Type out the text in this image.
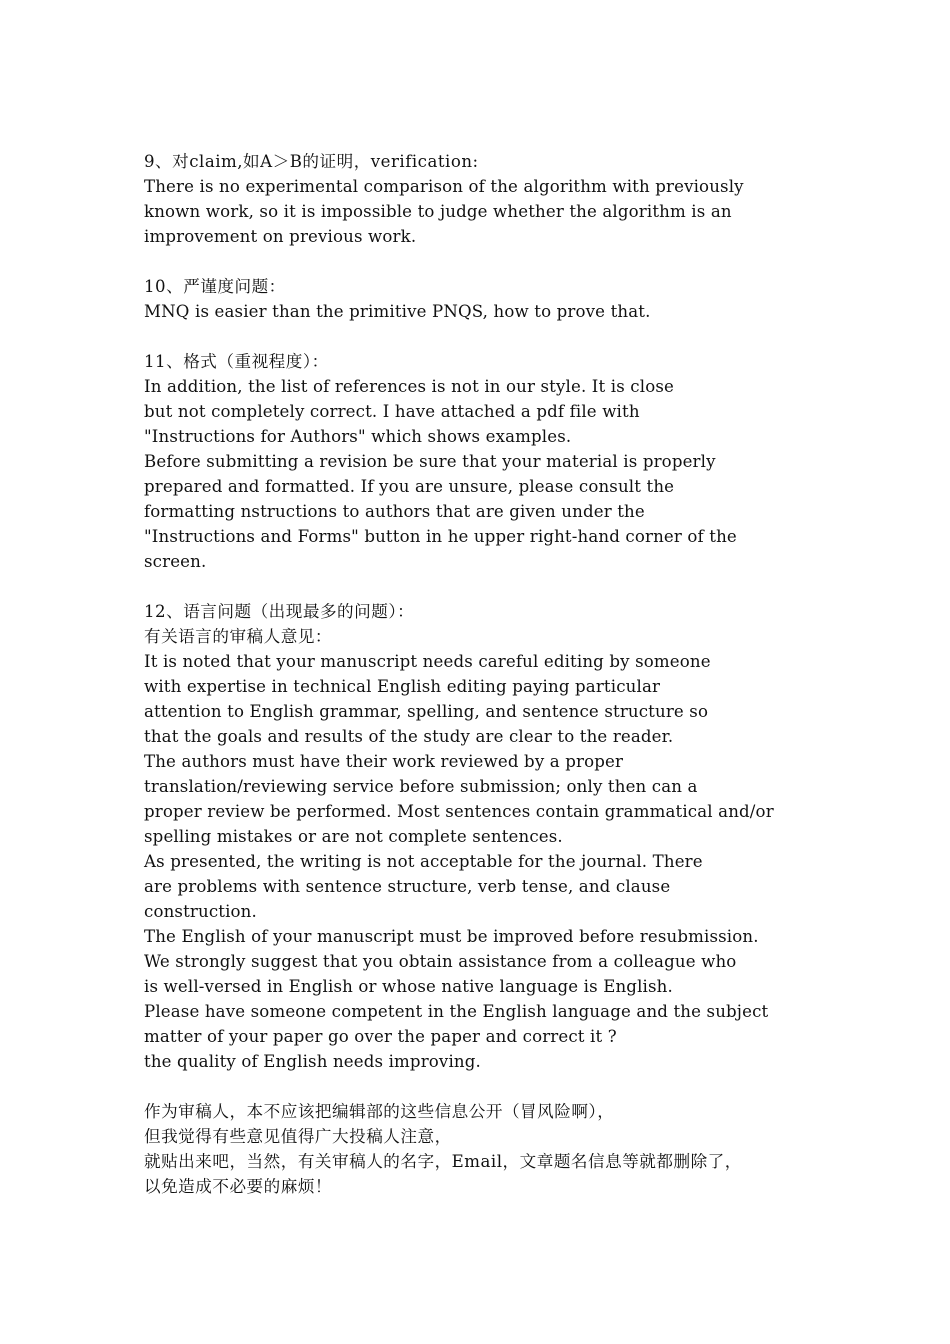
9、对claim,如A＞B的证明，verification:
There is no experimental comparison of the algorithm with previously
known work, so it is impossible to judge whether the algorithm is an
improvement on previous work.
10、严谨度问题：
MNQ is easier than the primitive PNQS, how to prove that.
11、格式（重视程度）：
In addition, the list of references is not in our style. It is close
but not completely correct. I have attached a pdf file with
"Instructions for Authors" which shows examples.
Before submitting a revision be sure that your material is properly
prepared and formatted. If you are unsure, please consult the
formatting nstructions to authors that are given under the
"Instructions and Forms" button in he upper right-hand corner of the
screen.
12、语言问题（出现最多的问题）：
有关语言的审稿人意见：
It is noted that your manuscript needs careful editing by someone
with expertise in technical English editing paying particular
attention to English grammar, spelling, and sentence structure so
that the goals and results of the study are clear to the reader.
The authors must have their work reviewed by a proper
translation/reviewing service before submission; only then can a
proper review be performed. Most sentences contain grammatical and/or
spelling mistakes or are not complete sentences.
As presented, the writing is not acceptable for the journal. There
are problems with sentence structure, verb tense, and clause
construction.
The English of your manuscript must be improved before resubmission.
We strongly suggest that you obtain assistance from a colleague who
is well-versed in English or whose native language is English.
Please have someone competent in the English language and the subject
matter of your paper go over the paper and correct it ?
the quality of English needs improving.
作为审稿人，本不应该把编辑部的这些信息公开（冒风险啊），
但我觉得有些意见值得广大投稿人注意，
就贴出来吧，当然，有关审稿人的名字，Email，文章题名信息等就都删除了，
以免造成不必要的麻烦！
